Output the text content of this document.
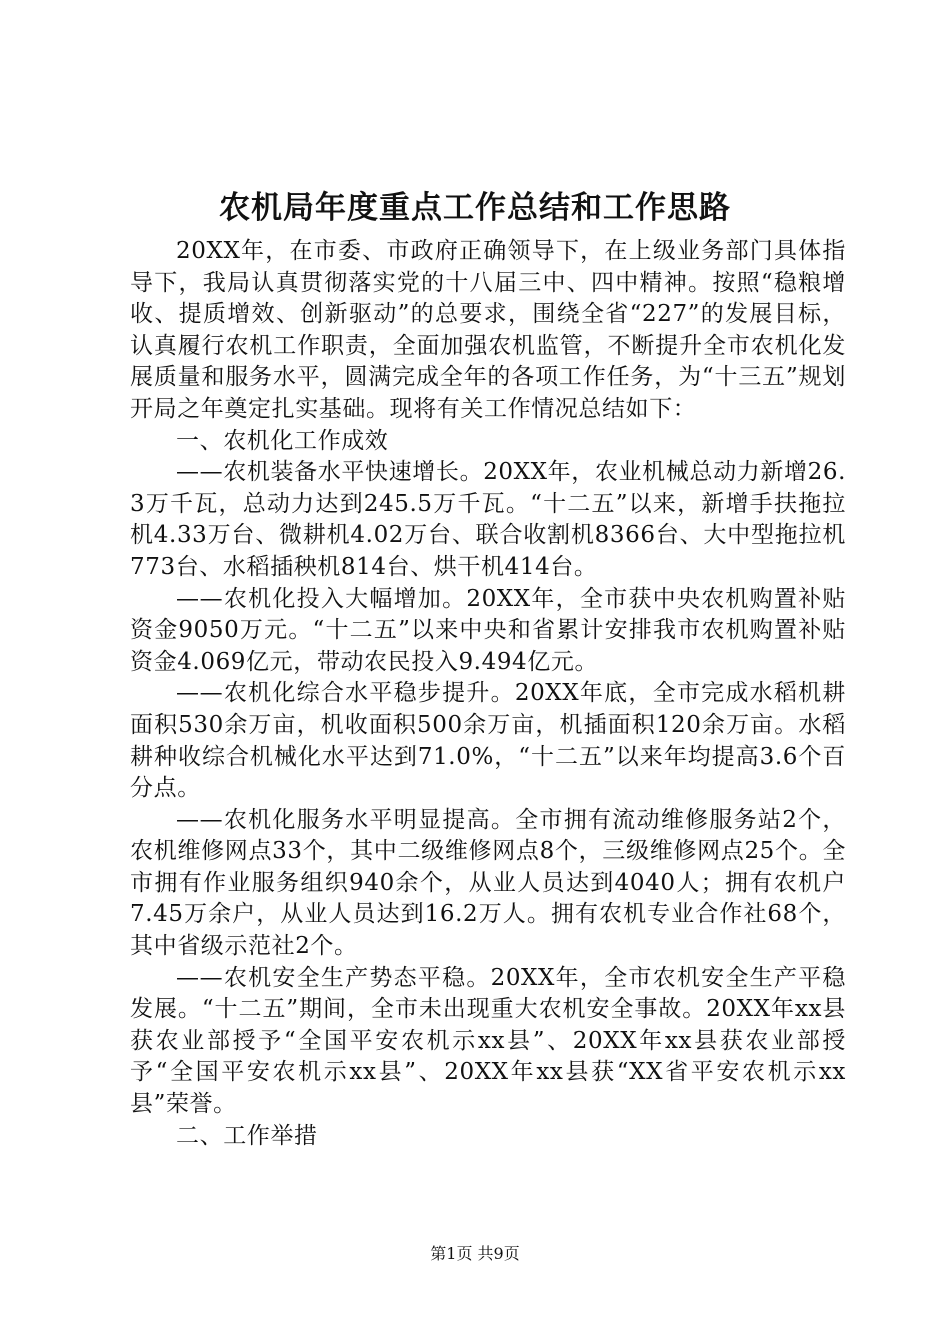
农机局年度重点工作总结和工作思路

20XX年，在市委、市政府正确领导下，在上级业务部门具体指导下，我局认真贯彻落实党的十八届三中、四中精神。按照“稳粮增收、提质增效、创新驱动”的总要求，围绕全省“227”的发展目标，认真履行农机工作职责，全面加强农机监管，不断提升全市农机化发展质量和服务水平，圆满完成全年的各项工作任务，为“十三五”规划开局之年奠定扎实基础。现将有关工作情况总结如下：

一、农机化工作成效

——农机装备水平快速增长。20XX年，农业机械总动力新增26.3万千瓦，总动力达到245.5万千瓦。“十二五”以来，新增手扶拖拉机4.33万台、微耕机4.02万台、联合收割机8366台、大中型拖拉机773台、水稻插秧机814台、烘干机414台。

——农机化投入大幅增加。20XX年，全市获中央农机购置补贴资金9050万元。“十二五”以来中央和省累计安排我市农机购置补贴资金4.069亿元，带动农民投入9.494亿元。

——农机化综合水平稳步提升。20XX年底，全市完成水稻机耕面积530余万亩，机收面积500余万亩，机插面积120余万亩。水稻耕种收综合机械化水平达到71.0%，“十二五”以来年均提高3.6个百分点。

——农机化服务水平明显提高。全市拥有流动维修服务站2个，农机维修网点33个，其中二级维修网点8个，三级维修网点25个。全市拥有作业服务组织940余个，从业人员达到4040人；拥有农机户7.45万余户，从业人员达到16.2万人。拥有农机专业合作社68个，其中省级示范社2个。

——农机安全生产势态平稳。20XX年，全市农机安全生产平稳发展。“十二五”期间，全市未出现重大农机安全事故。20XX年xx县获农业部授予“全国平安农机示xx县”、20XX年xx县获农业部授予“全国平安农机示xx县”、20XX年xx县获“XX省平安农机示xx县”荣誉。

二、工作举措

第1页 共9页
